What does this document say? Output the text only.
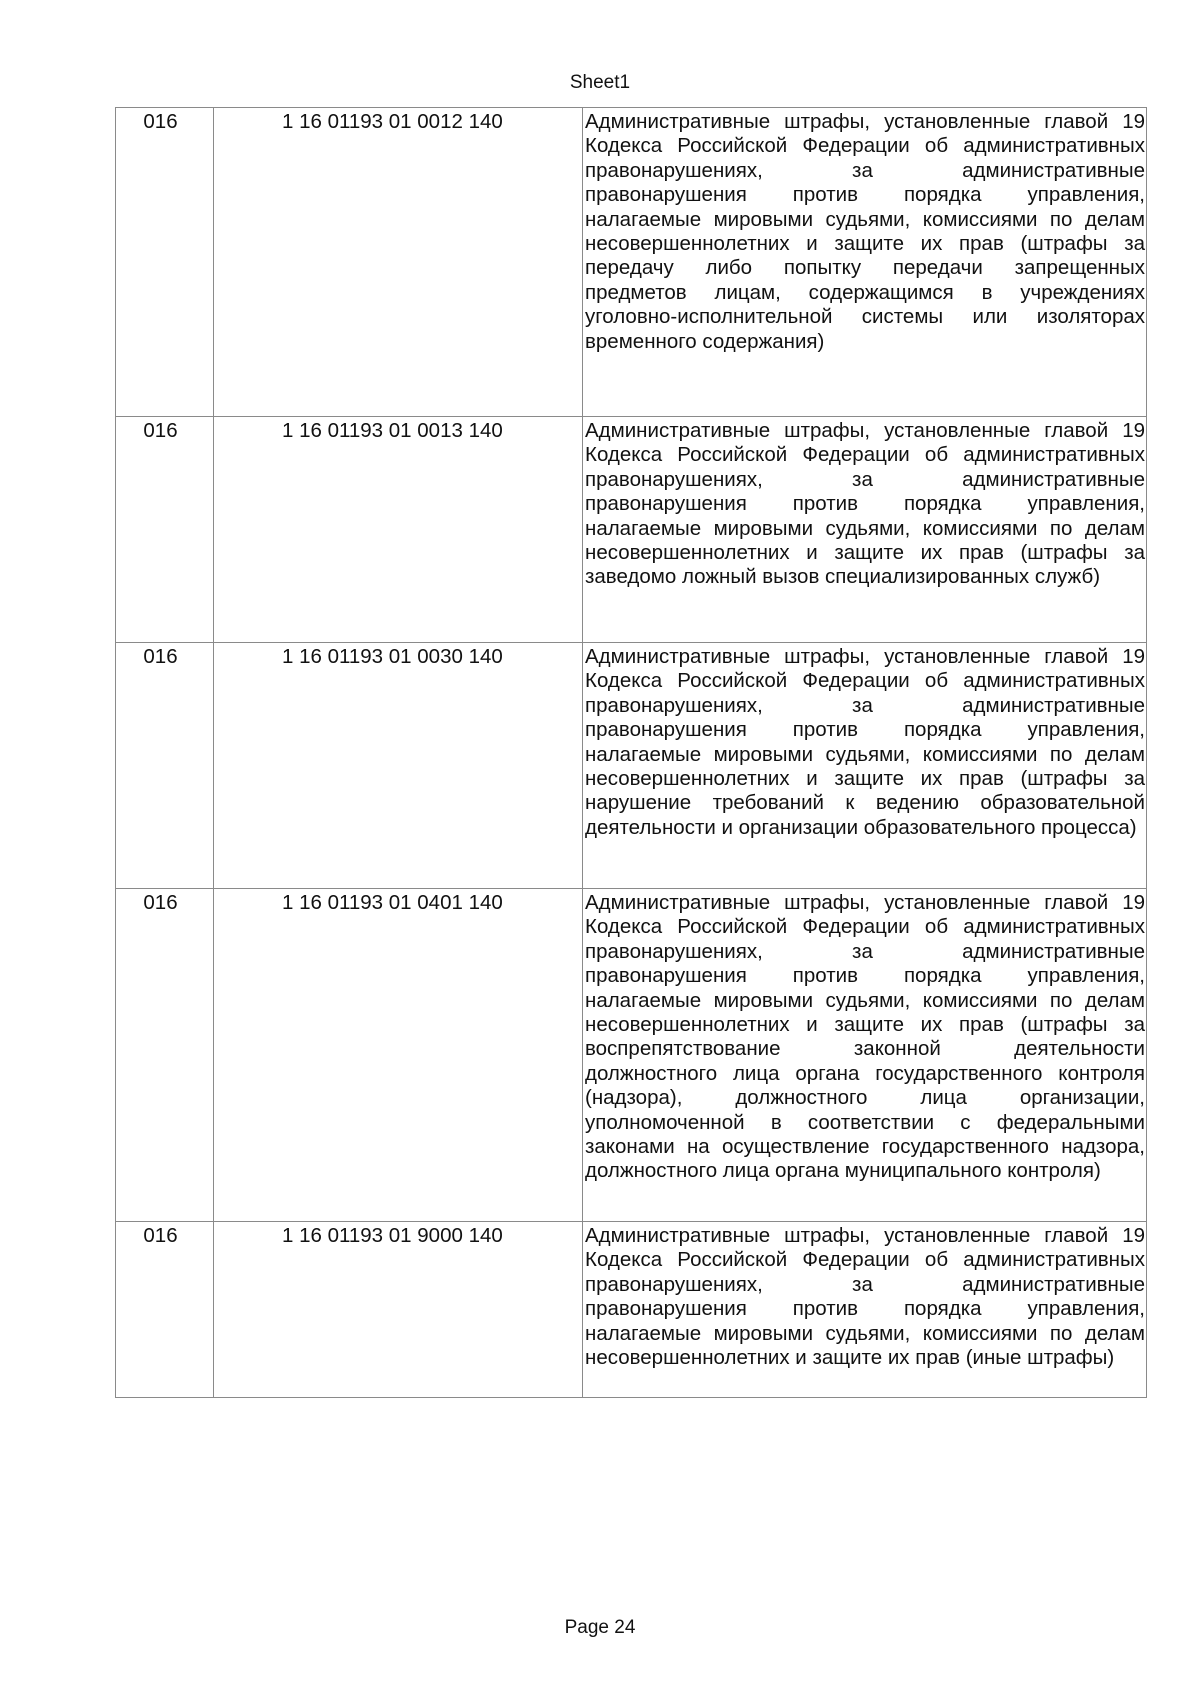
Sheet1
016	1 16 01193 01 0012 140	Административные штрафы, установленные главой 19 Кодекса Российской Федерации об административных правонарушениях, за административные правонарушения против порядка управления, налагаемые мировыми судьями, комиссиями по делам несовершеннолетних и защите их прав (штрафы за передачу либо попытку передачи запрещенных предметов лицам, содержащимся в учреждениях уголовно-исполнительной системы или изоляторах временного содержания)
016	1 16 01193 01 0013 140	Административные штрафы, установленные главой 19 Кодекса Российской Федерации об административных правонарушениях, за административные правонарушения против порядка управления, налагаемые мировыми судьями, комиссиями по делам несовершеннолетних и защите их прав (штрафы за заведомо ложный вызов специализированных служб)
016	1 16 01193 01 0030 140	Административные штрафы, установленные главой 19 Кодекса Российской Федерации об административных правонарушениях, за административные правонарушения против порядка управления, налагаемые мировыми судьями, комиссиями по делам несовершеннолетних и защите их прав (штрафы за нарушение требований к ведению образовательной деятельности и организации образовательного процесса)
016	1 16 01193 01 0401 140	Административные штрафы, установленные главой 19 Кодекса Российской Федерации об административных правонарушениях, за административные правонарушения против порядка управления, налагаемые мировыми судьями, комиссиями по делам несовершеннолетних и защите их прав (штрафы за воспрепятствование законной деятельности должностного лица органа государственного контроля (надзора), должностного лица организации, уполномоченной в соответствии с федеральными законами на осуществление государственного надзора, должностного лица органа муниципального контроля)
016	1 16 01193 01 9000 140	Административные штрафы, установленные главой 19 Кодекса Российской Федерации об административных правонарушениях, за административные правонарушения против порядка управления, налагаемые мировыми судьями, комиссиями по делам несовершеннолетних и защите их прав (иные штрафы)
Page 24
